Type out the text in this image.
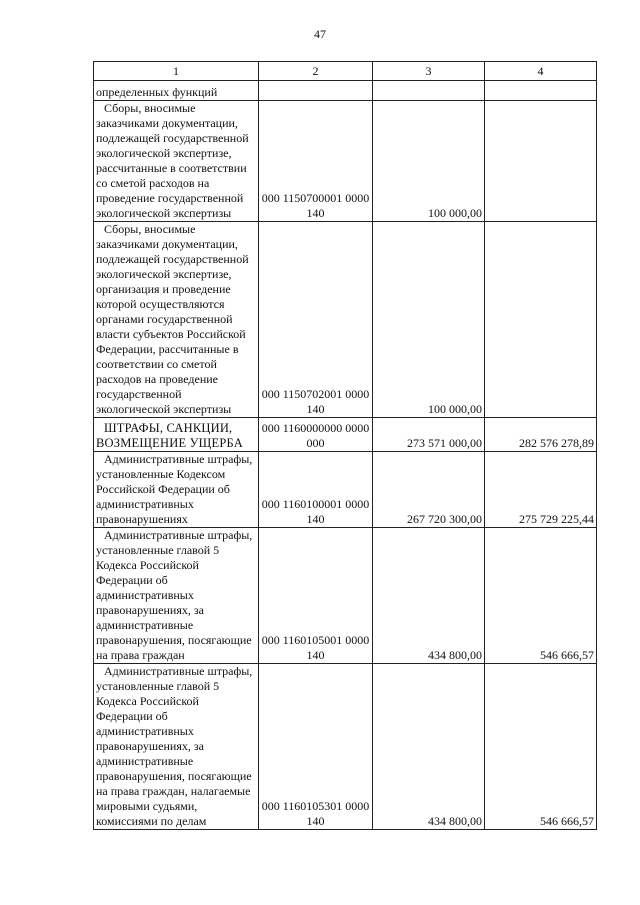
47
1	2	3	4
определенных функций			
Сборы, вносимые заказчиками документации, подлежащей государственной экологической экспертизе, рассчитанные в соответствии со сметой расходов на проведение государственной экологической экспертизы	000 1150700001 0000 140	100 000,00	
Сборы, вносимые заказчиками документации, подлежащей государственной экологической экспертизе, организация и проведение которой осуществляются органами государственной власти субъектов Российской Федерации, рассчитанные в соответствии со сметой расходов на проведение государственной экологической экспертизы	000 1150702001 0000 140	100 000,00	
ШТРАФЫ, САНКЦИИ, ВОЗМЕЩЕНИЕ УЩЕРБА	000 1160000000 0000 000	273 571 000,00	282 576 278,89
Административные штрафы, установленные Кодексом Российской Федерации об административных правонарушениях	000 1160100001 0000 140	267 720 300,00	275 729 225,44
Административные штрафы, установленные главой 5 Кодекса Российской Федерации об административных правонарушениях, за административные правонарушения, посягающие на права граждан	000 1160105001 0000 140	434 800,00	546 666,57
Административные штрафы, установленные главой 5 Кодекса Российской Федерации об административных правонарушениях, за административные правонарушения, посягающие на права граждан, налагаемые мировыми судьями, комиссиями по делам	000 1160105301 0000 140	434 800,00	546 666,57
